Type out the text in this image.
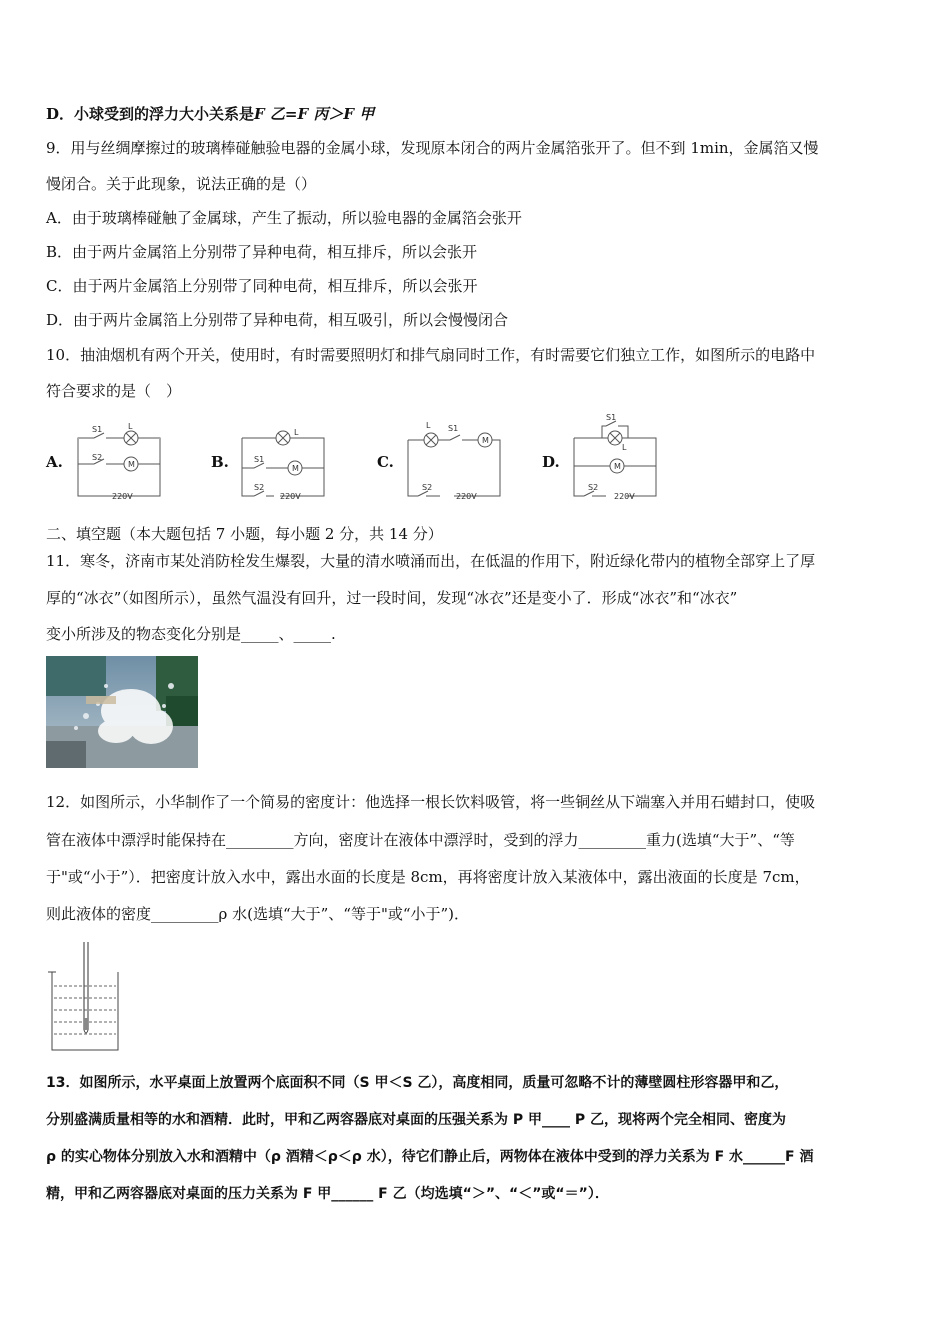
D．小球受到的浮力大小关系是F 乙=F 丙＞F 甲
9．用与丝绸摩擦过的玻璃棒碰触验电器的金属小球，发现原本闭合的两片金属箔张开了。但不到 1min，金属箔又慢
慢闭合。关于此现象，说法正确的是（）
A．由于玻璃棒碰触了金属球，产生了振动，所以验电器的金属箔会张开
B．由于两片金属箔上分别带了异种电荷，相互排斥，所以会张开
C．由于两片金属箔上分别带了同种电荷，相互排斥，所以会张开
D．由于两片金属箔上分别带了异种电荷，相互吸引，所以会慢慢闭合
10．抽油烟机有两个开关，使用时，有时需要照明灯和排气扇同时工作，有时需要它们独立工作，如图所示的电路中
符合要求的是（　）
A.
S1	L
S2
M
220V
B.
L
S1
M
S2
220V
C.
L S1
M
S2
220V
D.
S1
L
M
S2
220V
二、填空题（本大题包括 7 小题，每小题 2 分，共 14 分）
11．寒冬，济南市某处消防栓发生爆裂，大量的清水喷涌而出，在低温的作用下，附近绿化带内的植物全部穿上了厚
厚的“冰衣”（如图所示），虽然气温没有回升，过一段时间，发现“冰衣”还是变小了．形成“冰衣”和“冰衣”
变小所涉及的物态变化分别是_____、_____.
12．如图所示，小华制作了一个简易的密度计：他选择一根长饮料吸管，将一些铜丝从下端塞入并用石蜡封口，使吸
管在液体中漂浮时能保持在_________方向，密度计在液体中漂浮时，受到的浮力_________重力(选填“大于”、“等
于"或“小于”）．把密度计放入水中，露出水面的长度是 8cm，再将密度计放入某液体中，露出液面的长度是 7cm，
则此液体的密度_________ρ 水(选填“大于”、“等于"或“小于”)．
13．如图所示，水平桌面上放置两个底面积不同（S 甲＜S 乙），高度相同，质量可忽略不计的薄壁圆柱形容器甲和乙，
分别盛满质量相等的水和酒精．此时，甲和乙两容器底对桌面的压强关系为 P 甲____ P 乙，现将两个完全相同、密度为
ρ 的实心物体分别放入水和酒精中（ρ 酒精＜ρ＜ρ 水），待它们静止后，两物体在液体中受到的浮力关系为 F 水______F 酒
精，甲和乙两容器底对桌面的压力关系为 F 甲______ F 乙（均选填“＞”、“＜”或“＝”）．
